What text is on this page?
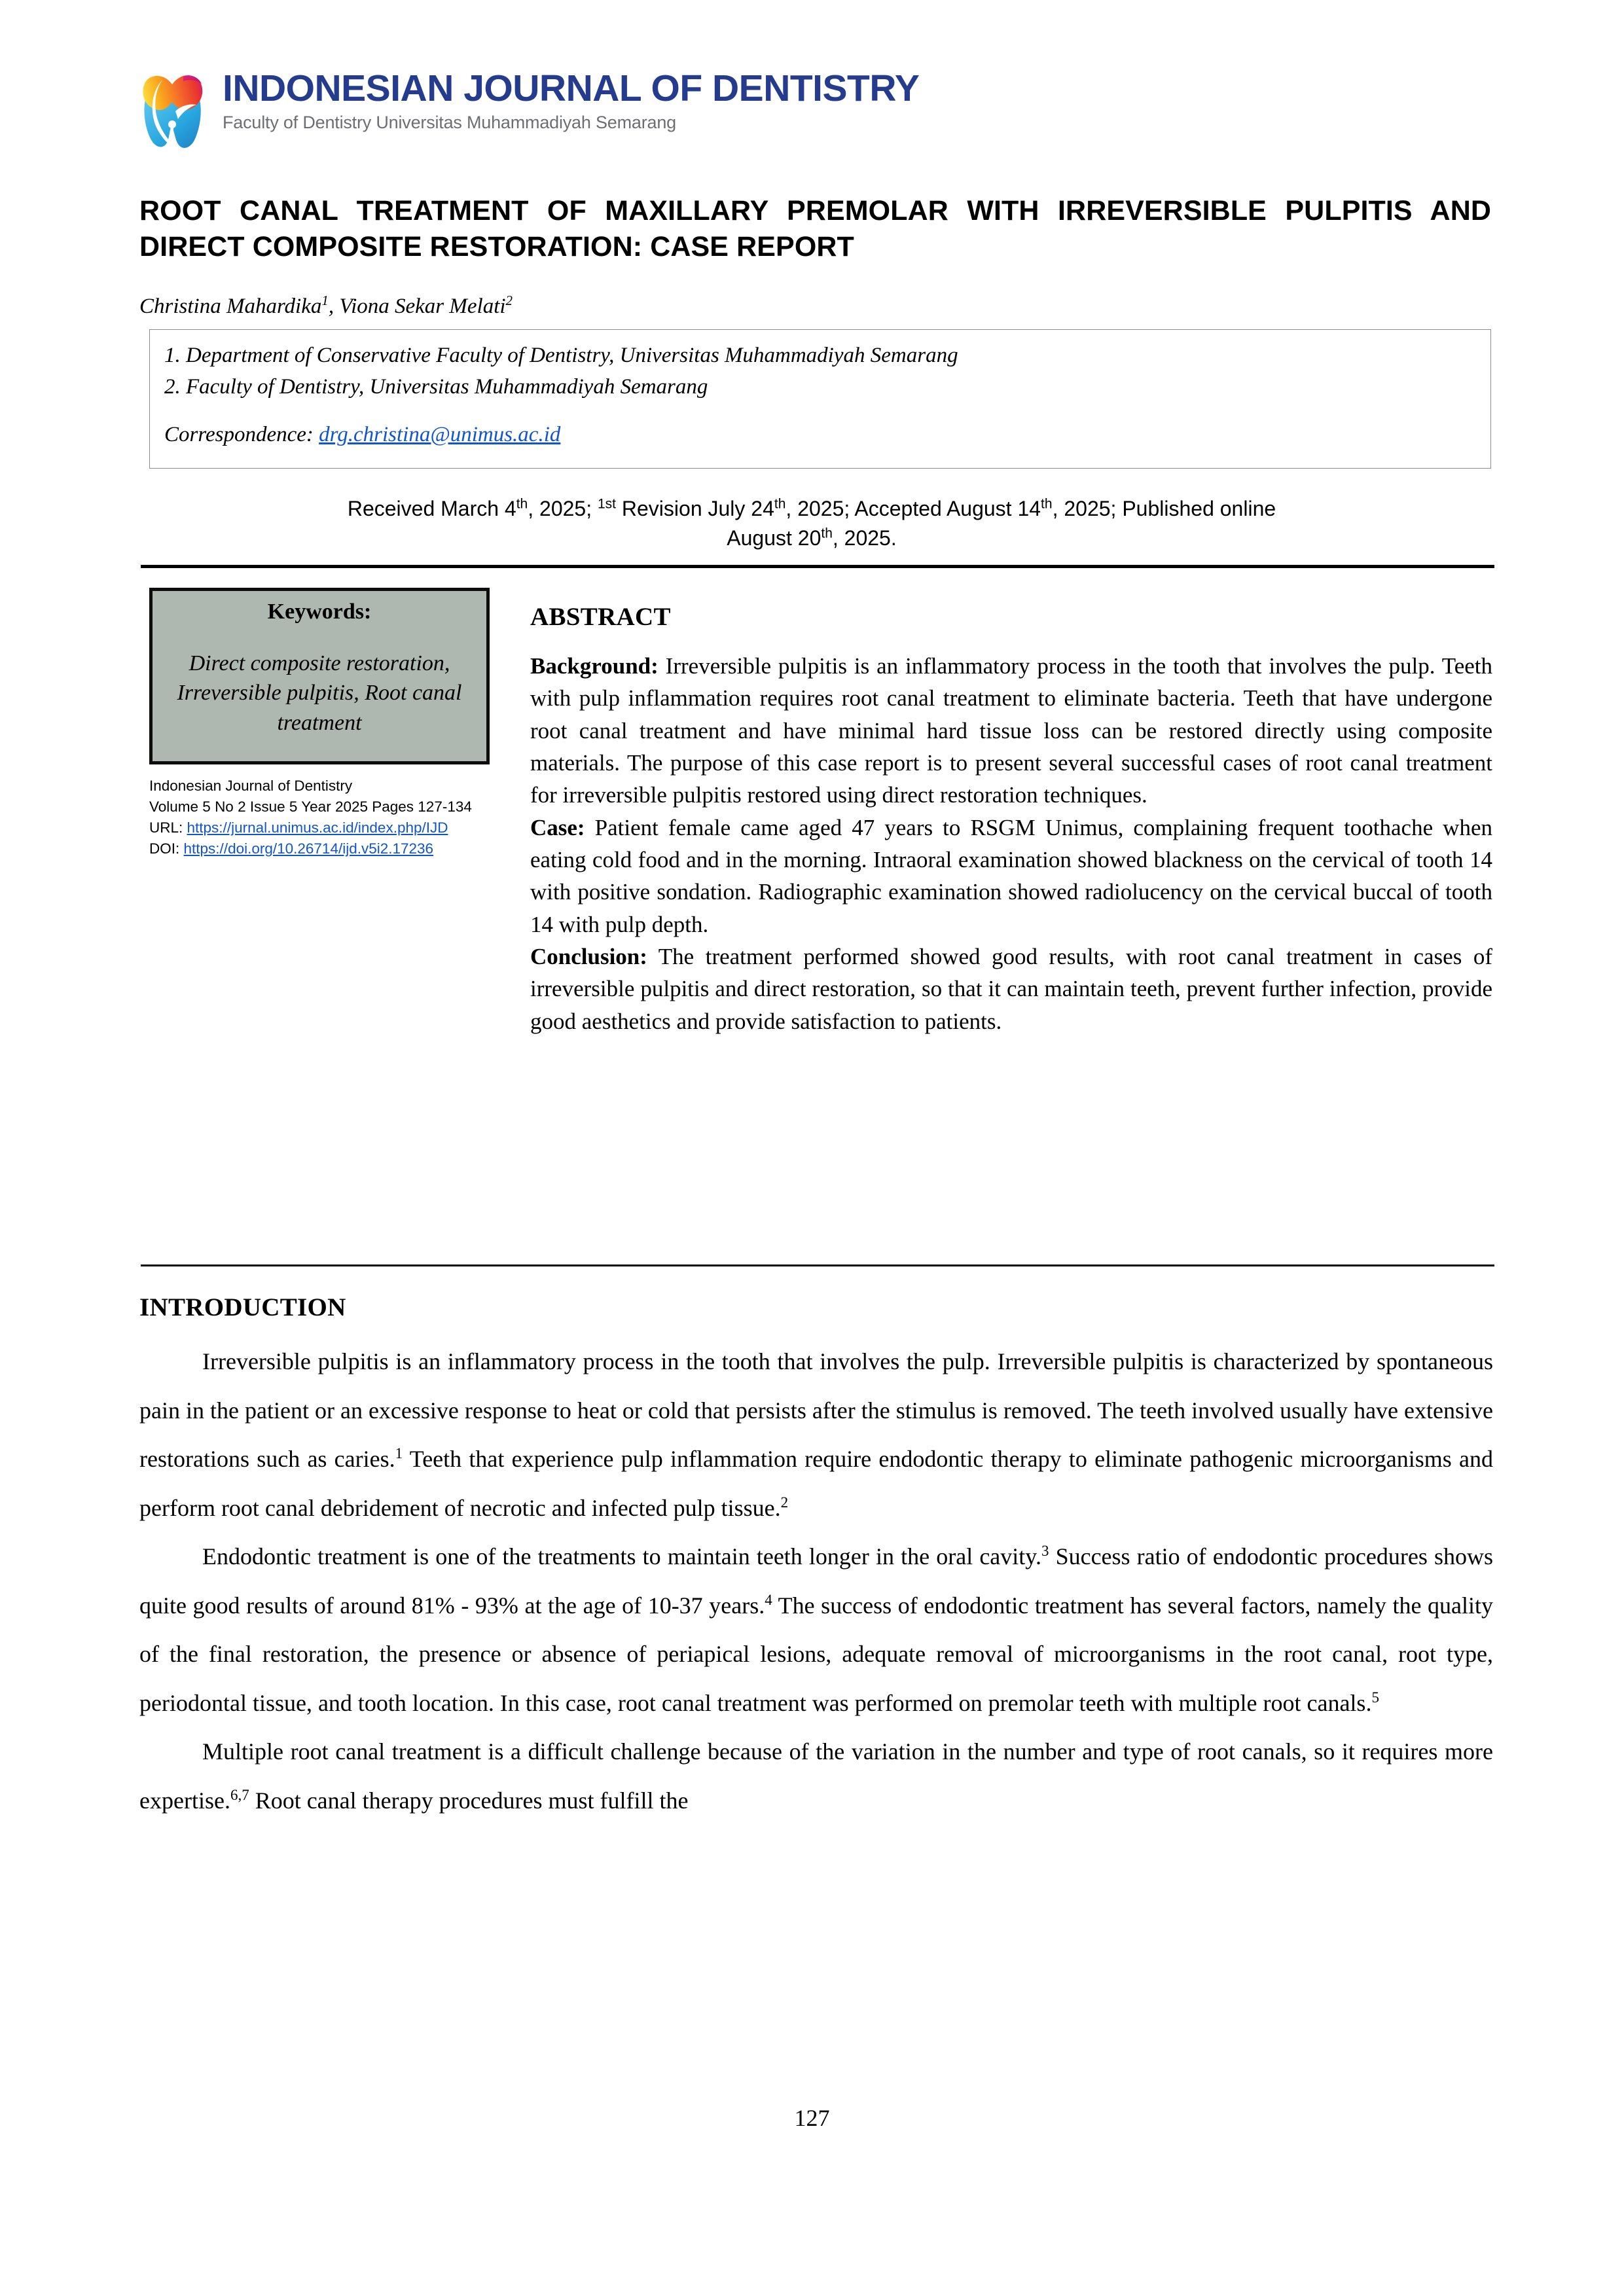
INDONESIAN JOURNAL OF DENTISTRY
Faculty of Dentistry Universitas Muhammadiyah Semarang
ROOT CANAL TREATMENT OF MAXILLARY PREMOLAR WITH IRREVERSIBLE PULPITIS AND DIRECT COMPOSITE RESTORATION: CASE REPORT
Christina Mahardika$^1$, Viona Sekar Melati$^2$
1. Department of Conservative Faculty of Dentistry, Universitas Muhammadiyah Semarang
2. Faculty of Dentistry, Universitas Muhammadiyah Semarang
Correspondence: drg.christina@unimus.ac.id
Received March 4th, 2025; $^{1st}$ Revision July 24th, 2025; Accepted August 14th, 2025; Published online
August 20th, 2025.
Keywords:
Direct composite restoration, Irreversible pulpitis, Root canal treatment
Indonesian Journal of Dentistry
Volume 5 No 2 Issue 5 Year 2025 Pages 127-134
URL: https://jurnal.unimus.ac.id/index.php/IJD
DOI: https://doi.org/10.26714/ijd.v5i2.17236
ABSTRACT

Background: Irreversible pulpitis is an inflammatory process in the tooth that involves the pulp. Teeth with pulp inflammation requires root canal treatment to eliminate bacteria. Teeth that have undergone root canal treatment and have minimal hard tissue loss can be restored directly using composite materials. The purpose of this case report is to present several successful cases of root canal treatment for irreversible pulpitis restored using direct restoration techniques.

Case: Patient female came aged 47 years to RSGM Unimus, complaining frequent toothache when eating cold food and in the morning. Intraoral examination showed blackness on the cervical of tooth 14 with positive sondation. Radiographic examination showed radiolucency on the cervical buccal of tooth 14 with pulp depth.

Conclusion: The treatment performed showed good results, with root canal treatment in cases of irreversible pulpitis and direct restoration, so that it can maintain teeth, prevent further infection, provide good aesthetics and provide satisfaction to patients.

INTRODUCTION

Irreversible pulpitis is an inflammatory process in the tooth that involves the pulp. Irreversible pulpitis is characterized by spontaneous pain in the patient or an excessive response to heat or cold that persists after the stimulus is removed. The teeth involved usually have extensive restorations such as caries.$^1$ Teeth that experience pulp inflammation require endodontic therapy to eliminate pathogenic microorganisms and perform root canal debridement of necrotic and infected pulp tissue.$^2$

Endodontic treatment is one of the treatments to maintain teeth longer in the oral cavity.$^3$ Success ratio of endodontic procedures shows quite good results of around 81% - 93% at the age of 10-37 years.$^4$ The success of endodontic treatment has several factors, namely the quality of the final restoration, the presence or absence of periapical lesions, adequate removal of microorganisms in the root canal, root type, periodontal tissue, and tooth location. In this case, root canal treatment was performed on premolar teeth with multiple root canals.$^5$

Multiple root canal treatment is a difficult challenge because of the variation in the number and type of root canals, so it requires more expertise.$^{6,7}$ Root canal therapy procedures must fulfill the

127
